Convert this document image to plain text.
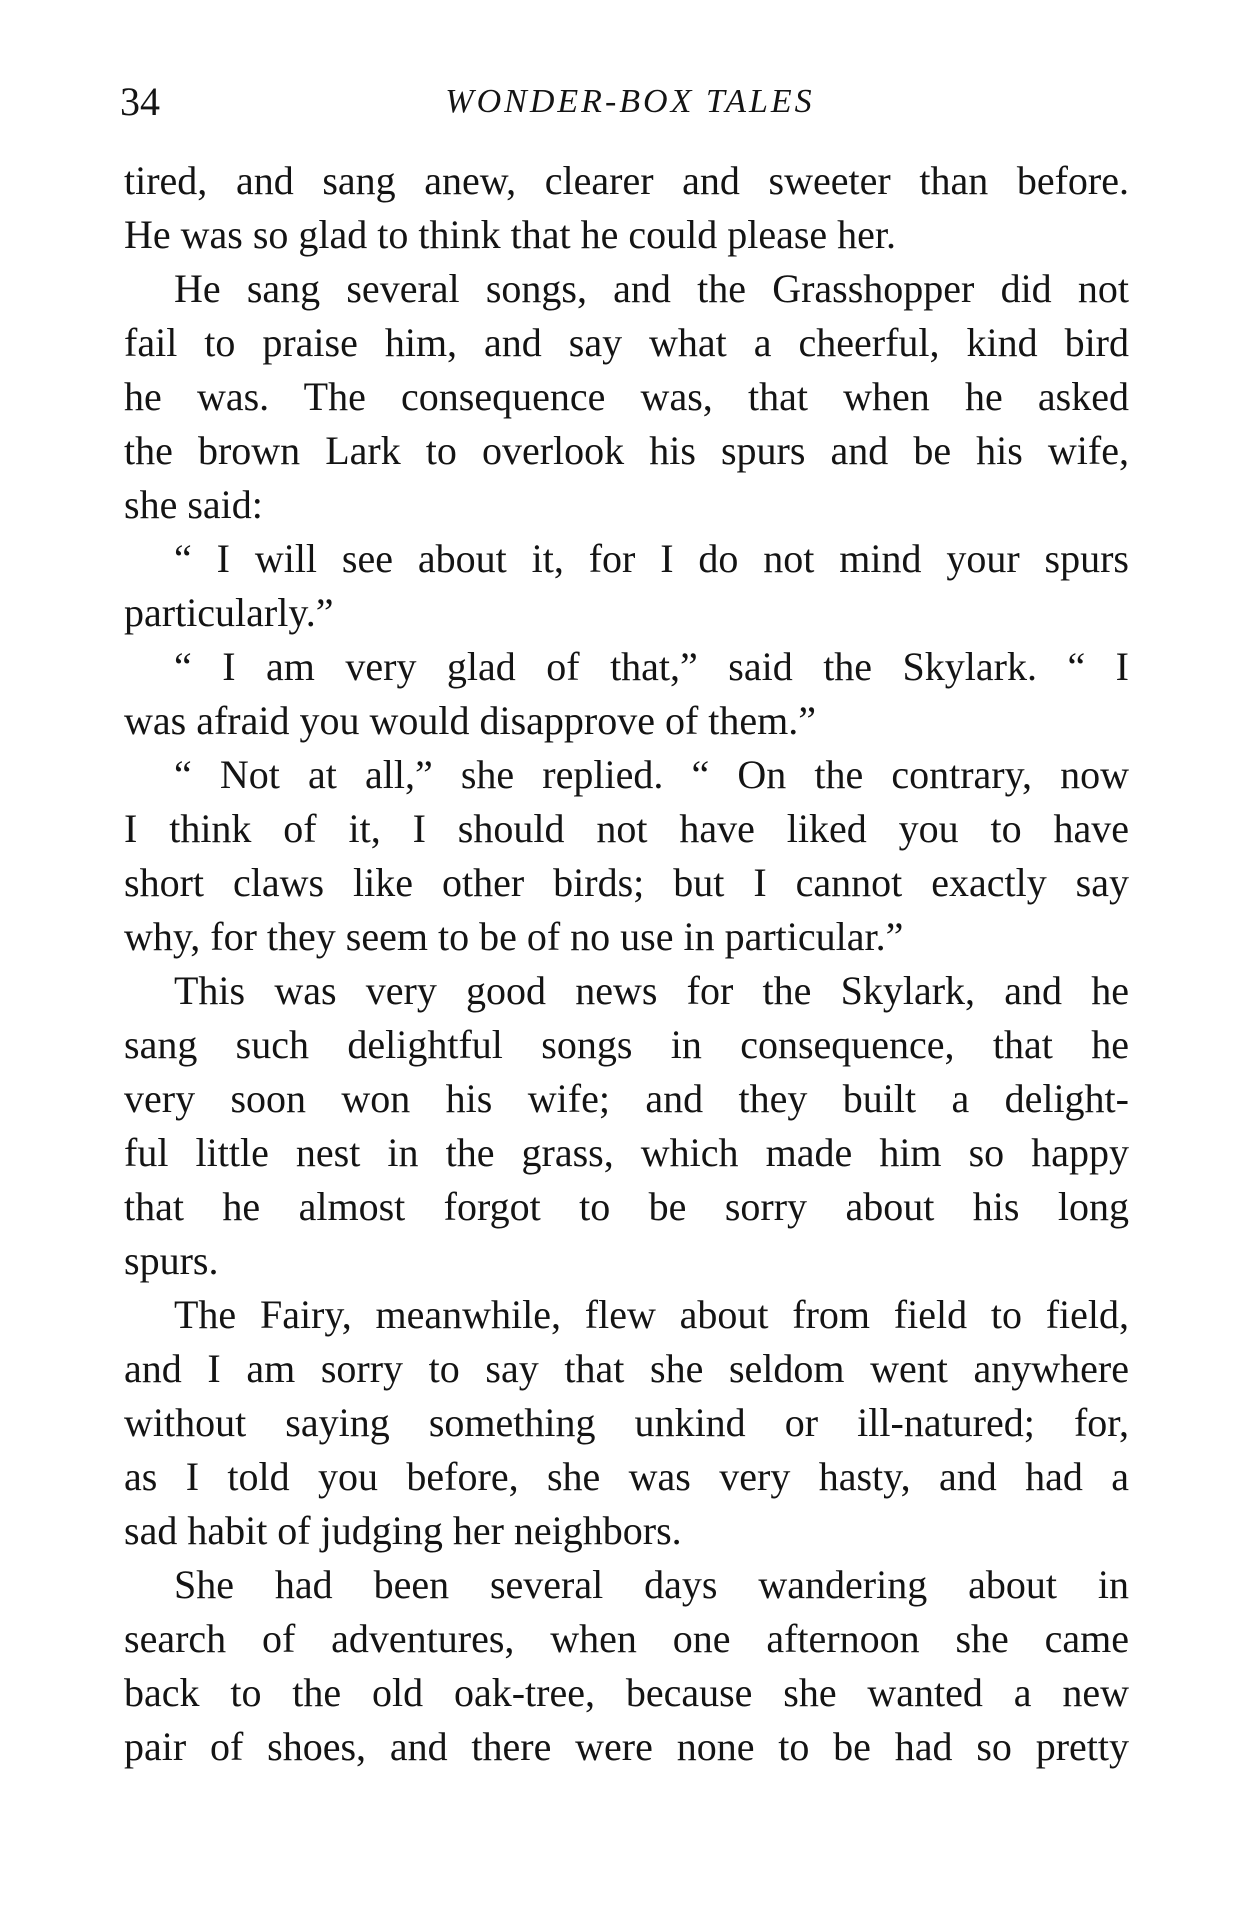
34	WONDER-BOX TALES
tired, and sang anew, clearer and sweeter than before.
He was so glad to think that he could please her.
He sang several songs, and the Grasshopper did not
fail to praise him, and say what a cheerful, kind bird
he was. The consequence was, that when he asked
the brown Lark to overlook his spurs and be his wife,
she said:
“ I will see about it, for I do not mind your spurs
particularly.”
“ I am very glad of that,” said the Skylark. “ I
was afraid you would disapprove of them.”
“ Not at all,” she replied. “ On the contrary, now
I think of it, I should not have liked you to have
short claws like other birds; but I cannot exactly say
why, for they seem to be of no use in particular.”
This was very good news for the Skylark, and he
sang such delightful songs in consequence, that he
very soon won his wife; and they built a delight-
ful little nest in the grass, which made him so happy
that he almost forgot to be sorry about his long
spurs.
The Fairy, meanwhile, flew about from field to field,
and I am sorry to say that she seldom went anywhere
without saying something unkind or ill-natured; for,
as I told you before, she was very hasty, and had a
sad habit of judging her neighbors.
She had been several days wandering about in
search of adventures, when one afternoon she came
back to the old oak-tree, because she wanted a new
pair of shoes, and there were none to be had so pretty
